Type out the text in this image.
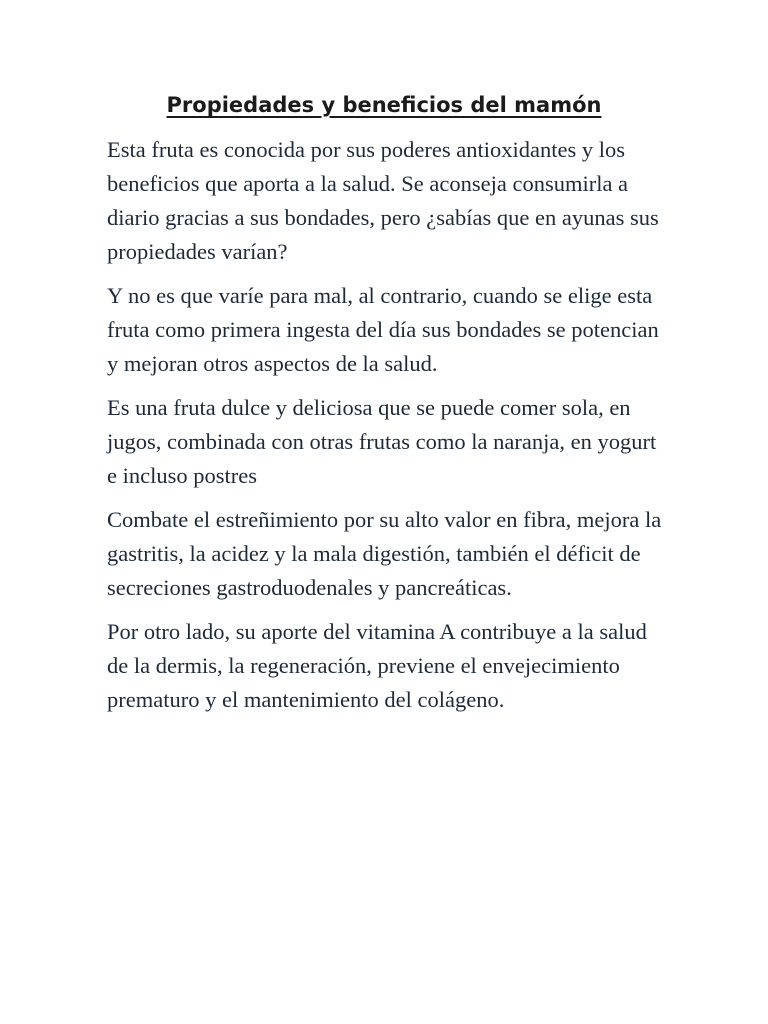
Propiedades y beneficios del mamón

Esta fruta es conocida por sus poderes antioxidantes y los beneficios que aporta a la salud. Se aconseja consumirla a diario gracias a sus bondades, pero ¿sabías que en ayunas sus propiedades varían?

Y no es que varíe para mal, al contrario, cuando se elige esta fruta como primera ingesta del día sus bondades se potencian y mejoran otros aspectos de la salud.

Es una fruta dulce y deliciosa que se puede comer sola, en jugos, combinada con otras frutas como la naranja, en yogurt e incluso postres

Combate el estreñimiento por su alto valor en fibra, mejora la gastritis, la acidez y la mala digestión, también el déficit de secreciones gastroduodenales y pancreáticas.

Por otro lado, su aporte del vitamina A contribuye a la salud de la dermis, la regeneración, previene el envejecimiento prematuro y el mantenimiento del colágeno.
